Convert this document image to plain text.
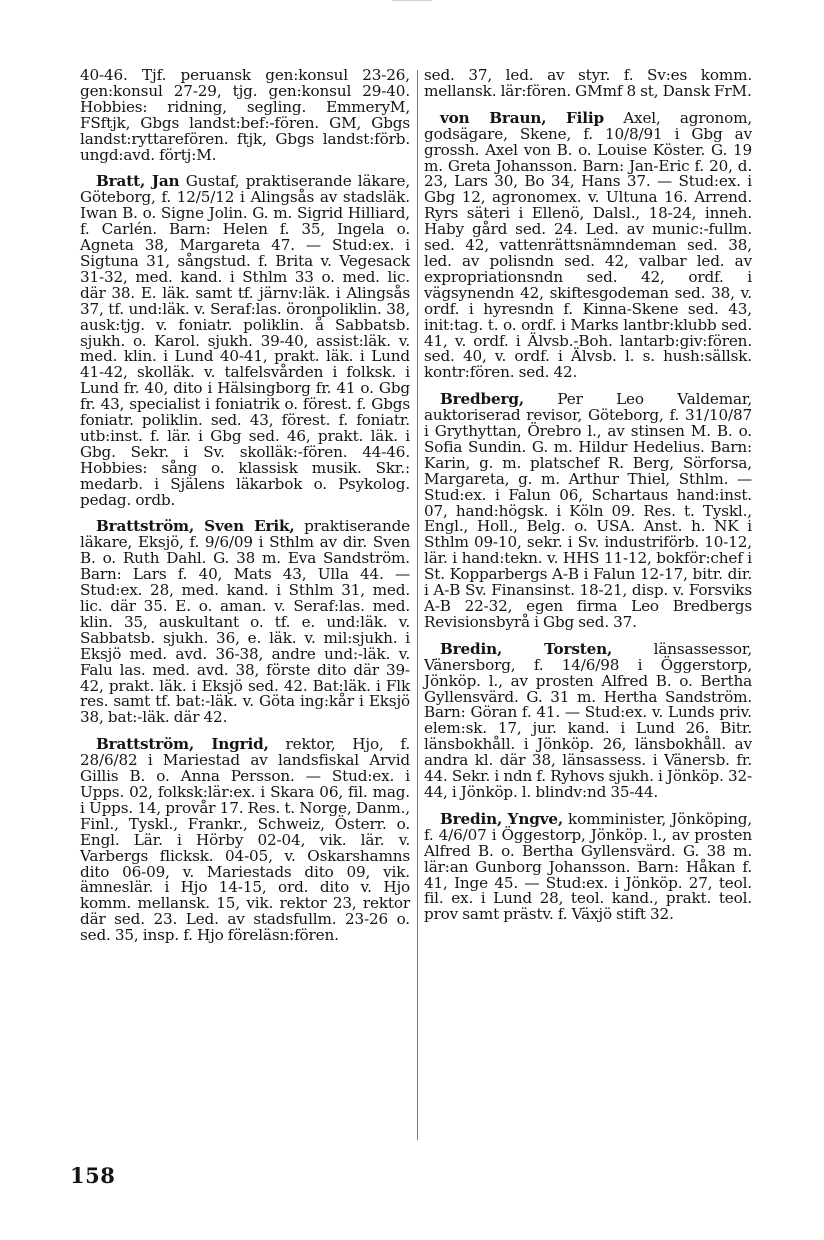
40-46. Tjf. peruansk gen:konsul 23-26, gen:konsul 27-29, tjg. gen:konsul 29-40. Hobbies: ridning, segling. EmmeryM, FSftjk, Gbgs landst:bef:-fören. GM, Gbgs landst:ryttarefören. ftjk, Gbgs landst:förb. ungd:avd. förtj:M.

Bratt, Jan Gustaf, praktiserande läkare, Göteborg, f. 12/5/12 i Alingsås av stadsläk. Iwan B. o. Signe Jolin. G. m. Sigrid Hilliard, f. Carlén. Barn: Helen f. 35, Ingela o. Agneta 38, Margareta 47. — Stud:ex. i Sigtuna 31, sångstud. f. Brita v. Vegesack 31-32, med. kand. i Sthlm 33 o. med. lic. där 38. E. läk. samt tf. järnv:läk. i Alingsås 37, tf. und:läk. v. Seraf:las. öronpoliklin. 38, ausk:tjg. v. foniatr. poliklin. å Sabbatsb. sjukh. o. Karol. sjukh. 39-40, assist:läk. v. med. klin. i Lund 40-41, prakt. läk. i Lund 41-42, skolläk. v. talfelsvården i folksk. i Lund fr. 40, dito i Hälsingborg fr. 41 o. Gbg fr. 43, specialist i foniatrik o. förest. f. Gbgs foniatr. poliklin. sed. 43, förest. f. foniatr. utb:inst. f. lär. i Gbg sed. 46, prakt. läk. i Gbg. Sekr. i Sv. skolläk:-fören. 44-46. Hobbies: sång o. klassisk musik. Skr.: medarb. i Själens läkarbok o. Psykolog. pedag. ordb.

Brattström, Sven Erik, praktiserande läkare, Eksjö, f. 9/6/09 i Sthlm av dir. Sven B. o. Ruth Dahl. G. 38 m. Eva Sandström. Barn: Lars f. 40, Mats 43, Ulla 44. — Stud:ex. 28, med. kand. i Sthlm 31, med. lic. där 35. E. o. aman. v. Seraf:las. med. klin. 35, auskultant o. tf. e. und:läk. v. Sabbatsb. sjukh. 36, e. läk. v. mil:sjukh. i Eksjö med. avd. 36-38, andre und:-läk. v. Falu las. med. avd. 38, förste dito där 39-42, prakt. läk. i Eksjö sed. 42. Bat:läk. i Flk res. samt tf. bat:-läk. v. Göta ing:kår i Eksjö 38, bat:-läk. där 42.

Brattström, Ingrid, rektor, Hjo, f. 28/6/82 i Mariestad av landsfiskal Arvid Gillis B. o. Anna Persson. — Stud:ex. i Upps. 02, folksk:lär:ex. i Skara 06, fil. mag. i Upps. 14, provår 17. Res. t. Norge, Danm., Finl., Tyskl., Frankr., Schweiz, Österr. o. Engl. Lär. i Hörby 02-04, vik. lär. v. Varbergs flicksk. 04-05, v. Oskarshamns dito 06-09, v. Mariestads dito 09, vik. ämneslär. i Hjo 14-15, ord. dito v. Hjo komm. mellansk. 15, vik. rektor 23, rektor där sed. 23. Led. av stadsfullm. 23-26 o. sed. 35, insp. f. Hjo föreläsn:fören.

sed. 37, led. av styr. f. Sv:es komm. mellansk. lär:fören. GMmf 8 st, Dansk FrM.

von Braun, Filip Axel, agronom, godsägare, Skene, f. 10/8/91 i Gbg av grossh. Axel von B. o. Louise Köster. G. 19 m. Greta Johansson. Barn: Jan-Eric f. 20, d. 23, Lars 30, Bo 34, Hans 37. — Stud:ex. i Gbg 12, agronomex. v. Ultuna 16. Arrend. Ryrs säteri i Ellenö, Dalsl., 18-24, inneh. Haby gård sed. 24. Led. av munic:-fullm. sed. 42, vattenrättsnämndeman sed. 38, led. av polisndn sed. 42, valbar led. av expropriationsndn sed. 42, ordf. i vägsynendn 42, skiftesgodeman sed. 38, v. ordf. i hyresndn f. Kinna-Skene sed. 43, init:tag. t. o. ordf. i Marks lantbr:klubb sed. 41, v. ordf. i Älvsb.-Boh. lantarb:giv:fören. sed. 40, v. ordf. i Älvsb. l. s. hush:sällsk. kontr:fören. sed. 42.

Bredberg, Per Leo Valdemar, auktoriserad revisor, Göteborg, f. 31/10/87 i Grythyttan, Örebro l., av stinsen M. B. o. Sofia Sundin. G. m. Hildur Hedelius. Barn: Karin, g. m. platschef R. Berg, Sörforsa, Margareta, g. m. Arthur Thiel, Sthlm. — Stud:ex. i Falun 06, Schartaus hand:inst. 07, hand:högsk. i Köln 09. Res. t. Tyskl., Engl., Holl., Belg. o. USA. Anst. h. NK i Sthlm 09-10, sekr. i Sv. industriförb. 10-12, lär. i hand:tekn. v. HHS 11-12, bokför:chef i St. Kopparbergs A-B i Falun 12-17, bitr. dir. i A-B Sv. Finansinst. 18-21, disp. v. Forsviks A-B 22-32, egen firma Leo Bredbergs Revisionsbyrå i Gbg sed. 37.

Bredin, Torsten, länsassessor, Vänersborg, f. 14/6/98 i Öggerstorp, Jönköp. l., av prosten Alfred B. o. Bertha Gyllensvärd. G. 31 m. Hertha Sandström. Barn: Göran f. 41. — Stud:ex. v. Lunds priv. elem:sk. 17, jur. kand. i Lund 26. Bitr. länsbokhåll. i Jönköp. 26, länsbokhåll. av andra kl. där 38, länsassess. i Vänersb. fr. 44. Sekr. i ndn f. Ryhovs sjukh. i Jönköp. 32-44, i Jönköp. l. blindv:nd 35-44.

Bredin, Yngve, komminister, Jönköping, f. 4/6/07 i Öggestorp, Jönköp. l., av prosten Alfred B. o. Bertha Gyllensvärd. G. 38 m. lär:an Gunborg Johansson. Barn: Håkan f. 41, Inge 45. — Stud:ex. i Jönköp. 27, teol. fil. ex. i Lund 28, teol. kand., prakt. teol. prov samt prästv. f. Växjö stift 32.

158
